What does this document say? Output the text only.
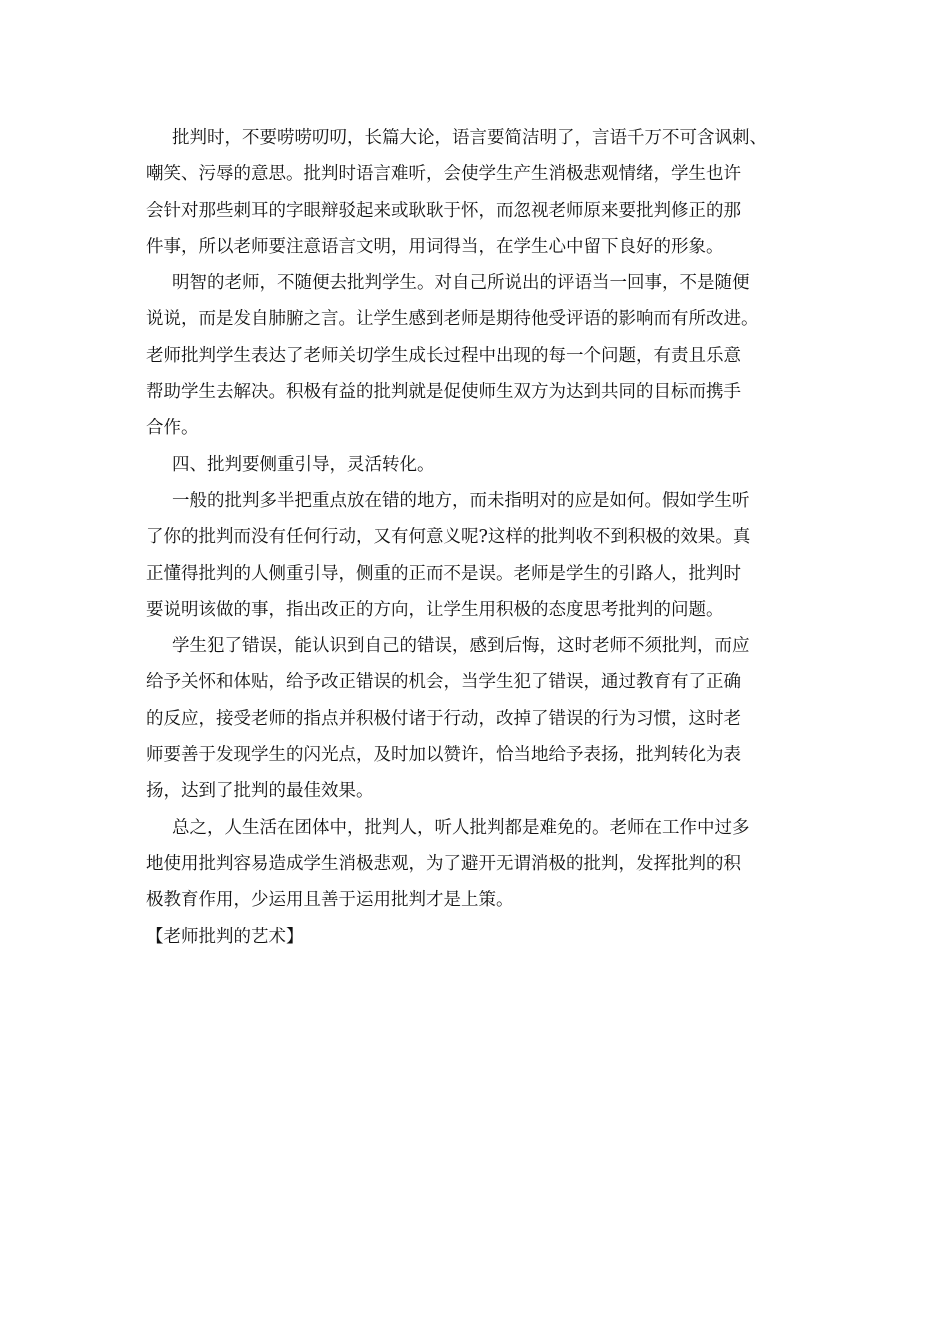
批判时，不要唠唠叨叨，长篇大论，语言要简洁明了，言语千万不可含讽刺、
嘲笑、污辱的意思。批判时语言难听，会使学生产生消极悲观情绪，学生也许
会针对那些刺耳的字眼辩驳起来或耿耿于怀，而忽视老师原来要批判修正的那
件事，所以老师要注意语言文明，用词得当，在学生心中留下良好的形象。
明智的老师，不随便去批判学生。对自己所说出的评语当一回事，不是随便
说说，而是发自肺腑之言。让学生感到老师是期待他受评语的影响而有所改进。
老师批判学生表达了老师关切学生成长过程中出现的每一个问题，有责且乐意
帮助学生去解决。积极有益的批判就是促使师生双方为达到共同的目标而携手
合作。
四、批判要侧重引导，灵活转化。
一般的批判多半把重点放在错的地方，而未指明对的应是如何。假如学生听
了你的批判而没有任何行动，又有何意义呢?这样的批判收不到积极的效果。真
正懂得批判的人侧重引导，侧重的正而不是误。老师是学生的引路人，批判时
要说明该做的事，指出改正的方向，让学生用积极的态度思考批判的问题。
学生犯了错误，能认识到自己的错误，感到后悔，这时老师不须批判，而应
给予关怀和体贴，给予改正错误的机会，当学生犯了错误，通过教育有了正确
的反应，接受老师的指点并积极付诸于行动，改掉了错误的行为习惯，这时老
师要善于发现学生的闪光点，及时加以赞许，恰当地给予表扬，批判转化为表
扬，达到了批判的最佳效果。
总之，人生活在团体中，批判人，听人批判都是难免的。老师在工作中过多
地使用批判容易造成学生消极悲观，为了避开无谓消极的批判，发挥批判的积
极教育作用，少运用且善于运用批判才是上策。
【老师批判的艺术】
